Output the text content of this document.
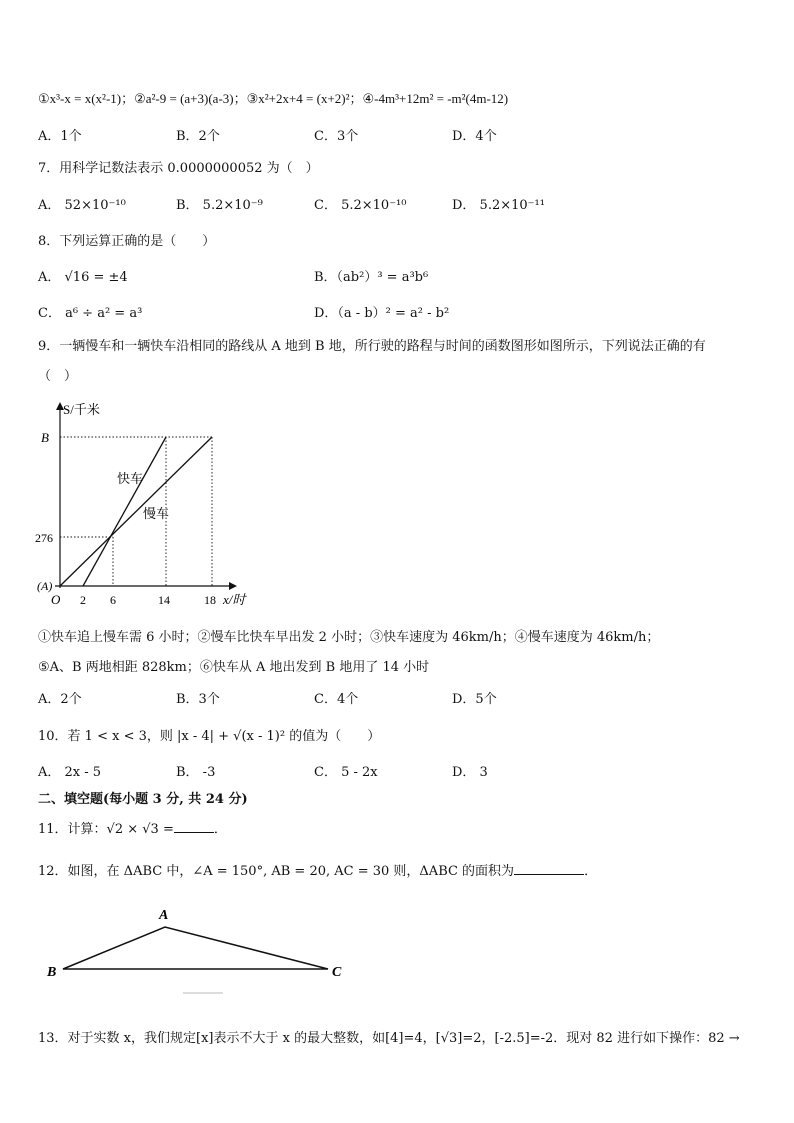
①x³-x = x(x²-1)；②a²-9 = (a+3)(a-3)；③x²+2x+4 = (x+2)²；④-4m³+12m² = -m²(4m-12)
A．1个	B．2个	C．3个	D．4个
7．用科学记数法表示 0.0000000052 为（　）
A． 52×10⁻¹⁰	B． 5.2×10⁻⁹	C． 5.2×10⁻¹⁰	D． 5.2×10⁻¹¹
8．下列运算正确的是（　　）
A． √16 = ±4	B．（ab²）³ = a³b⁶
C． a⁶ ÷ a² = a³	D．（a - b）² = a² - b²
9．一辆慢车和一辆快车沿相同的路线从 A 地到 B 地，所行驶的路程与时间的函数图形如图所示，下列说法正确的有
（　）
S/千米
B
276
(A)
O 2 6	14	18 x/时
快车
慢车
①快车追上慢车需 6 小时；②慢车比快车早出发 2 小时；③快车速度为 46km/h；④慢车速度为 46km/h；
⑤A、B 两地相距 828km；⑥快车从 A 地出发到 B 地用了 14 小时
A．2个	B．3个	C．4个	D．5个
10．若 1 < x < 3，则 |x - 4| + √(x - 1)² 的值为（　　）
A． 2x - 5	B． -3	C． 5 - 2x	D． 3
二、填空题(每小题 3 分, 共 24 分)
11．计算：√2 × √3 =	．
12．如图，在 ΔABC 中，∠A = 150°, AB = 20, AC = 30 则，ΔABC 的面积为	．
A
B	C
13．对于实数 x，我们规定[x]表示不大于 x 的最大整数，如[4]=4，[√3]=2，[-2.5]=-2．现对 82 进行如下操作：82 →
